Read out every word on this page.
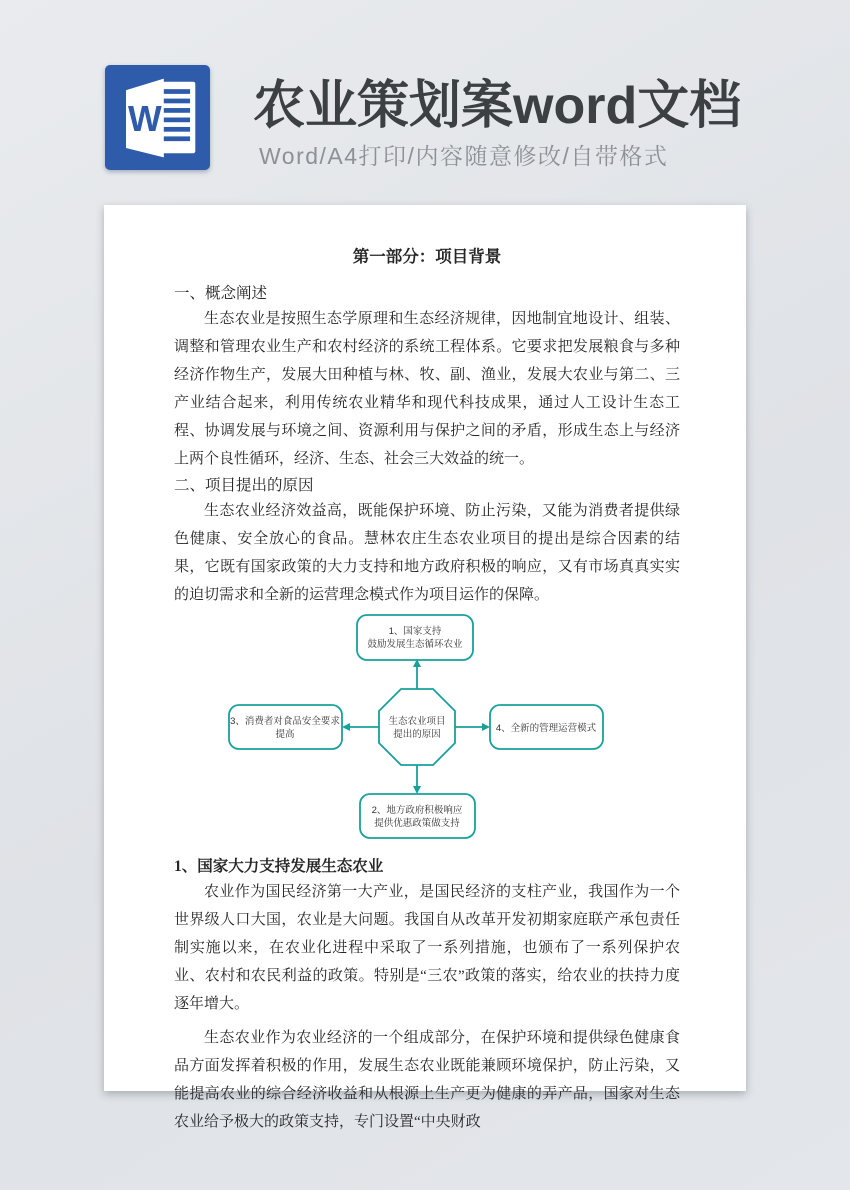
W 农业策划案word文档
Word/A4打印/内容随意修改/自带格式

第一部分：项目背景

一、概念阐述

生态农业是按照生态学原理和生态经济规律，因地制宜地设计、组装、调整和管理农业生产和农村经济的系统工程体系。它要求把发展粮食与多种经济作物生产，发展大田种植与林、牧、副、渔业，发展大农业与第二、三产业结合起来，利用传统农业精华和现代科技成果，通过人工设计生态工程、协调发展与环境之间、资源利用与保护之间的矛盾，形成生态上与经济上两个良性循环，经济、生态、社会三大效益的统一。

二、项目提出的原因

生态农业经济效益高，既能保护环境、防止污染，又能为消费者提供绿色健康、安全放心的食品。慧林农庄生态农业项目的提出是综合因素的结果，它既有国家政策的大力支持和地方政府积极的响应，又有市场真真实实的迫切需求和全新的运营理念模式作为项目运作的保障。

1、国家支持
鼓励发展生态循环农业
生态农业项目
提出的原因
3、消费者对食品安全要求
提高
4、全新的管理运营模式
2、地方政府积极响应
提供优惠政策做支持

1、国家大力支持发展生态农业

农业作为国民经济第一大产业，是国民经济的支柱产业，我国作为一个世界级人口大国，农业是大问题。我国自从改革开发初期家庭联产承包责任制实施以来，在农业化进程中采取了一系列措施，也颁布了一系列保护农业、农村和农民利益的政策。特别是“三农”政策的落实，给农业的扶持力度逐年增大。

生态农业作为农业经济的一个组成部分，在保护环境和提供绿色健康食品方面发挥着积极的作用，发展生态农业既能兼顾环境保护，防止污染，又能提高农业的综合经济收益和从根源上生产更为健康的弄产品，国家对生态农业给予极大的政策支持，专门设置“中央财政
